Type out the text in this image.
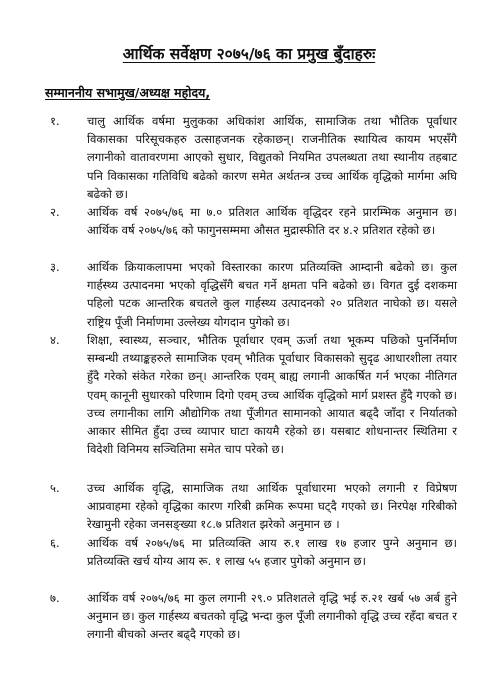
आर्थिक सर्वेक्षण २०७५/७६ का प्रमुख बुँदाहरुः
सम्माननीय सभामुख/अध्यक्ष महोदय,
१. चालु आर्थिक वर्षमा मुलुकका अधिकांश आर्थिक, सामाजिक तथा भौतिक पूर्वाधार विकासका परिसूचकहरु उत्साहजनक रहेकाछन्। राजनीतिक स्थायित्व कायम भएसँगै लगानीको वातावरणमा आएको सुधार, विद्युतको नियमित उपलब्धता तथा स्थानीय तहबाट पनि विकासका गतिविधि बढेको कारण समेत अर्थतन्त्र उच्च आर्थिक वृद्धिको मार्गमा अघि बढेको छ।
२. आर्थिक वर्ष २०७५/७६ मा ७.० प्रतिशत आर्थिक वृद्धिदर रहने प्रारम्भिक अनुमान छ। आर्थिक वर्ष २०७५/७६ को फागुनसम्ममा औसत मुद्रास्फीति दर ४.२ प्रतिशत रहेको छ।
३. आर्थिक क्रियाकलापमा भएको विस्तारका कारण प्रतिव्यक्ति आम्दानी बढेको छ। कुल गार्हस्थ्य उत्पादनमा भएको वृद्धिसँगै बचत गर्ने क्षमता पनि बढेको छ। विगत दुई दशकमा पहिलो पटक आन्तरिक बचतले कुल गार्हस्थ्य उत्पादनको २० प्रतिशत नाघेको छ। यसले राष्ट्रिय पूँजी निर्माणमा उल्लेख्य योगदान पुगेको छ।
४. शिक्षा, स्वास्थ्य, सञ्चार, भौतिक पूर्वाधार एवम् ऊर्जा तथा भूकम्प पछिको पुनर्निर्माण सम्बन्धी तथ्याङ्कहरुले सामाजिक एवम् भौतिक पूर्वाधार विकासको सुदृढ आधारशीला तयार हुँदै गरेको संकेत गरेका छन्। आन्तरिक एवम् बाह्य लगानी आकर्षित गर्न भएका नीतिगत एवम् कानूनी सुधारको परिणाम दिगो एवम् उच्च आर्थिक वृद्धिको मार्ग प्रशस्त हुँदै गएको छ। उच्च लगानीका लागि औद्योगिक तथा पूँजीगत सामानको आयात बढ्दै जाँदा र निर्यातको आकार सीमित हुँदा उच्च व्यापार घाटा कायमै रहेको छ। यसबाट शोधनान्तर स्थितिमा र विदेशी विनिमय सञ्चितिमा समेत चाप परेको छ।
५. उच्च आर्थिक वृद्धि, सामाजिक तथा आर्थिक पूर्वाधारमा भएको लगानी र विप्रेषण आप्रवाहमा रहेको वृद्धिका कारण गरिबी क्रमिक रूपमा घट्दै गएको छ। निरपेक्ष गरिबीको रेखामुनी रहेका जनसङ्ख्या १८.७ प्रतिशत झरेको अनुमान छ ।
६. आर्थिक वर्ष २०७५/७६ मा प्रतिव्यक्ति आय रु.१ लाख १७ हजार पुग्ने अनुमान छ। प्रतिव्यक्ति खर्च योग्य आय रू. १ लाख ५५ हजार पुगेको अनुमान छ।
७. आर्थिक वर्ष २०७५/७६ मा कुल लगानी २९.० प्रतिशतले वृद्धि भई रु.२१ खर्ब ५७ अर्ब हुने अनुमान छ। कुल गार्हस्थ्य बचतको वृद्धि भन्दा कुल पूँजी लगानीको वृद्धि उच्च रहँदा बचत र लगानी बीचको अन्तर बढ्दै गएको छ।
